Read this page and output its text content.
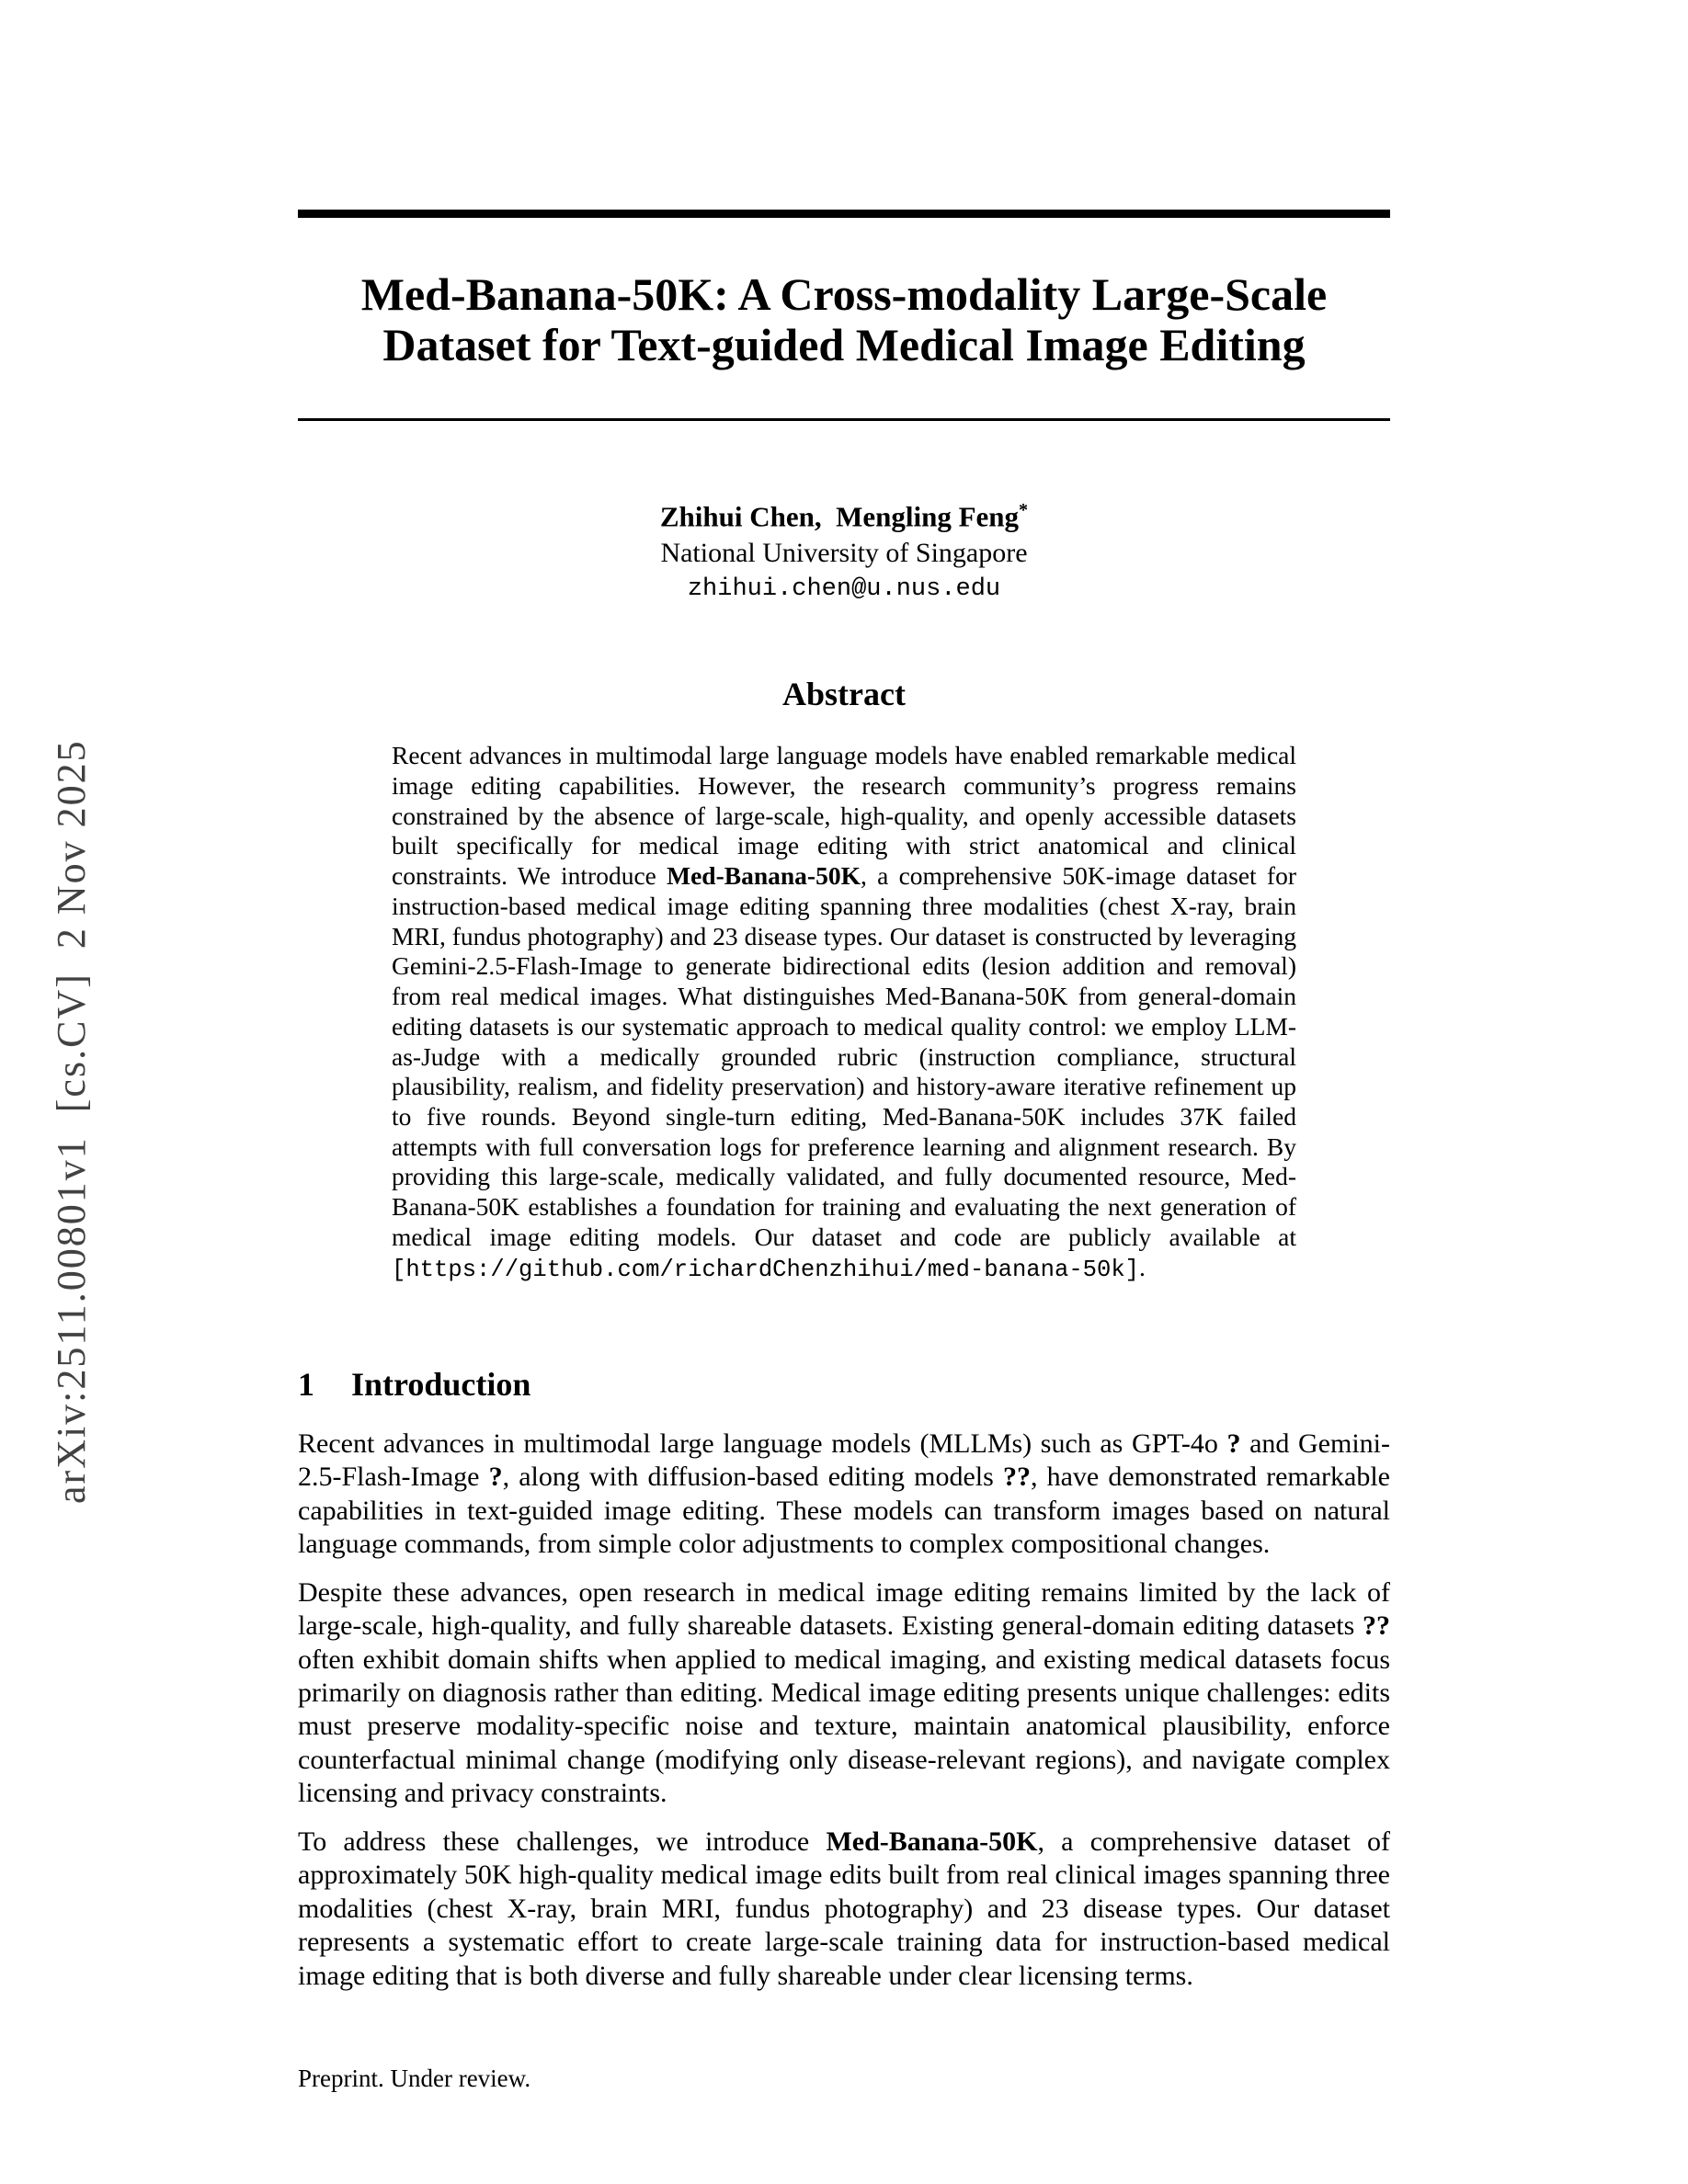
arXiv:2511.00801v1  [cs.CV]  2 Nov 2025
Med-Banana-50K: A Cross-modality Large-Scale
Dataset for Text-guided Medical Image Editing
Zhihui Chen,  Mengling Feng*
National University of Singapore
zhihui.chen@u.nus.edu
Abstract

Recent advances in multimodal large language models have enabled remarkable medical image editing capabilities. However, the research community’s progress remains constrained by the absence of large-scale, high-quality, and openly accessible datasets built specifically for medical image editing with strict anatomical and clinical constraints. We introduce Med-Banana-50K, a comprehensive 50K-image dataset for instruction-based medical image editing spanning three modalities (chest X-ray, brain MRI, fundus photography) and 23 disease types. Our dataset is constructed by leveraging Gemini-2.5-Flash-Image to generate bidirectional edits (lesion addition and removal) from real medical images. What distinguishes Med-Banana-50K from general-domain editing datasets is our systematic approach to medical quality control: we employ LLM-as-Judge with a medically grounded rubric (instruction compliance, structural plausibility, realism, and fidelity preservation) and history-aware iterative refinement up to five rounds. Beyond single-turn editing, Med-Banana-50K includes 37K failed attempts with full conversation logs for preference learning and alignment research. By providing this large-scale, medically validated, and fully documented resource, Med-Banana-50K establishes a foundation for training and evaluating the next generation of medical image editing models. Our dataset and code are publicly available at [https://github.com/richardChenzhihui/med-banana-50k].

1 Introduction

Recent advances in multimodal large language models (MLLMs) such as GPT-4o ? and Gemini-2.5-Flash-Image ?, along with diffusion-based editing models ??, have demonstrated remarkable capabilities in text-guided image editing. These models can transform images based on natural language commands, from simple color adjustments to complex compositional changes.

Despite these advances, open research in medical image editing remains limited by the lack of large-scale, high-quality, and fully shareable datasets. Existing general-domain editing datasets ?? often exhibit domain shifts when applied to medical imaging, and existing medical datasets focus primarily on diagnosis rather than editing. Medical image editing presents unique challenges: edits must preserve modality-specific noise and texture, maintain anatomical plausibility, enforce counterfactual minimal change (modifying only disease-relevant regions), and navigate complex licensing and privacy constraints.

To address these challenges, we introduce Med-Banana-50K, a comprehensive dataset of approximately 50K high-quality medical image edits built from real clinical images spanning three modalities (chest X-ray, brain MRI, fundus photography) and 23 disease types. Our dataset represents a systematic effort to create large-scale training data for instruction-based medical image editing that is both diverse and fully shareable under clear licensing terms.

Preprint. Under review.
